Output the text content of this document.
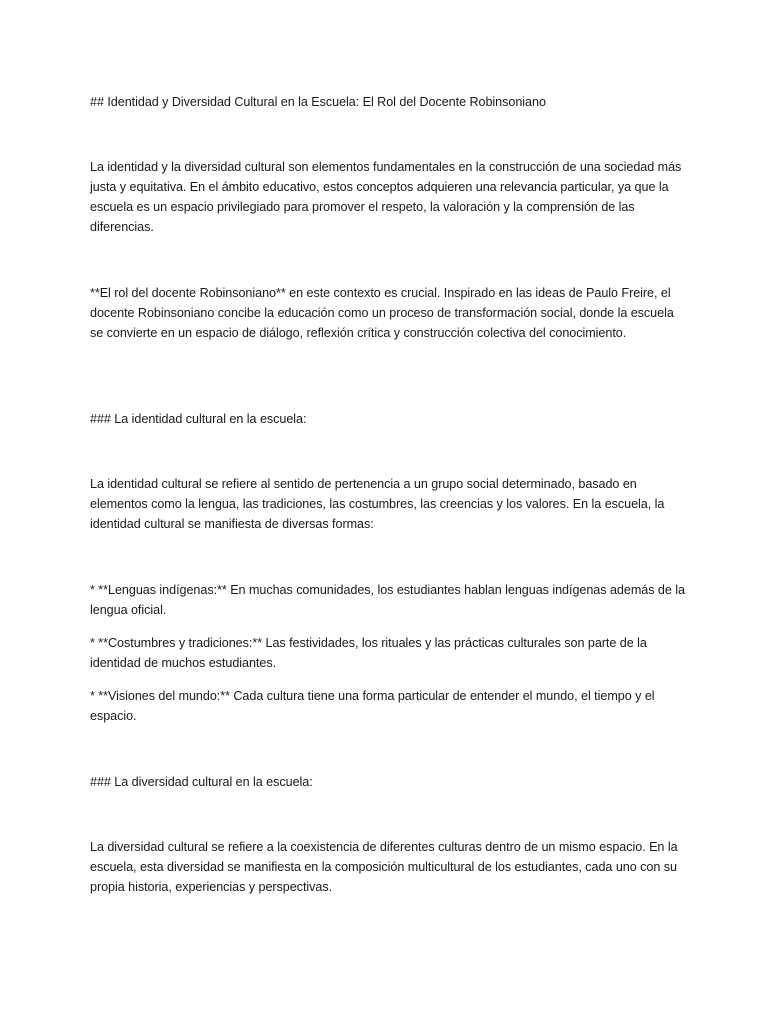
## Identidad y Diversidad Cultural en la Escuela: El Rol del Docente Robinsoniano

La identidad y la diversidad cultural son elementos fundamentales en la construcción de una sociedad más justa y equitativa. En el ámbito educativo, estos conceptos adquieren una relevancia particular, ya que la escuela es un espacio privilegiado para promover el respeto, la valoración y la comprensión de las diferencias.

**El rol del docente Robinsoniano** en este contexto es crucial. Inspirado en las ideas de Paulo Freire, el docente Robinsoniano concibe la educación como un proceso de transformación social, donde la escuela se convierte en un espacio de diálogo, reflexión crítica y construcción colectiva del conocimiento.

### La identidad cultural en la escuela:

La identidad cultural se refiere al sentido de pertenencia a un grupo social determinado, basado en elementos como la lengua, las tradiciones, las costumbres, las creencias y los valores. En la escuela, la identidad cultural se manifiesta de diversas formas:

* **Lenguas indígenas:** En muchas comunidades, los estudiantes hablan lenguas indígenas además de la lengua oficial.

* **Costumbres y tradiciones:** Las festividades, los rituales y las prácticas culturales son parte de la identidad de muchos estudiantes.

* **Visiones del mundo:** Cada cultura tiene una forma particular de entender el mundo, el tiempo y el espacio.

### La diversidad cultural en la escuela:

La diversidad cultural se refiere a la coexistencia de diferentes culturas dentro de un mismo espacio. En la escuela, esta diversidad se manifiesta en la composición multicultural de los estudiantes, cada uno con su propia historia, experiencias y perspectivas.
